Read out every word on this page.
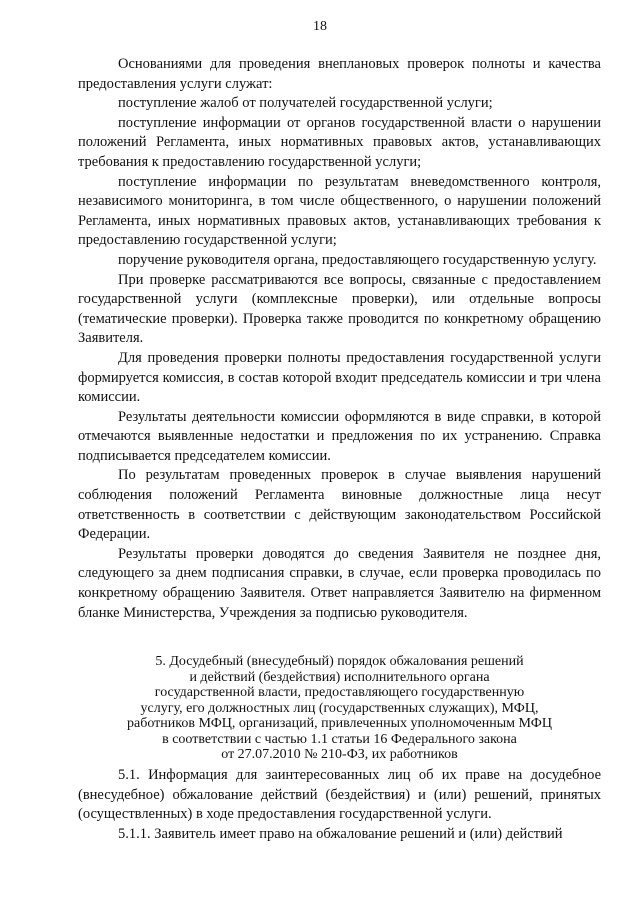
18

Основаниями для проведения внеплановых проверок полноты и качества предоставления услуги служат:

поступление жалоб от получателей государственной услуги;

поступление информации от органов государственной власти о нарушении положений Регламента, иных нормативных правовых актов, устанавливающих требования к предоставлению государственной услуги;

поступление информации по результатам вневедомственного контроля, независимого мониторинга, в том числе общественного, о нарушении положений Регламента, иных нормативных правовых актов, устанавливающих требования к предоставлению государственной услуги;

поручение руководителя органа, предоставляющего государственную услугу.

При проверке рассматриваются все вопросы, связанные с предоставлением государственной услуги (комплексные проверки), или отдельные вопросы (тематические проверки). Проверка также проводится по конкретному обращению Заявителя.

Для проведения проверки полноты предоставления государственной услуги формируется комиссия, в состав которой входит председатель комиссии и три члена комиссии.

Результаты деятельности комиссии оформляются в виде справки, в которой отмечаются выявленные недостатки и предложения по их устранению. Справка подписывается председателем комиссии.

По результатам проведенных проверок в случае выявления нарушений соблюдения положений Регламента виновные должностные лица несут ответственность в соответствии с действующим законодательством Российской Федерации.

Результаты проверки доводятся до сведения Заявителя не позднее дня, следующего за днем подписания справки, в случае, если проверка проводилась по конкретному обращению Заявителя. Ответ направляется Заявителю на фирменном бланке Министерства, Учреждения за подписью руководителя.

5. Досудебный (внесудебный) порядок обжалования решений
и действий (бездействия) исполнительного органа
государственной власти, предоставляющего государственную
услугу, его должностных лиц (государственных служащих), МФЦ,
работников МФЦ, организаций, привлеченных уполномоченным МФЦ
в соответствии с частью 1.1 статьи 16 Федерального закона
от 27.07.2010 № 210-ФЗ, их работников

5.1. Информация для заинтересованных лиц об их праве на досудебное (внесудебное) обжалование действий (бездействия) и (или) решений, принятых (осуществленных) в ходе предоставления государственной услуги.

5.1.1. Заявитель имеет право на обжалование решений и (или) действий
